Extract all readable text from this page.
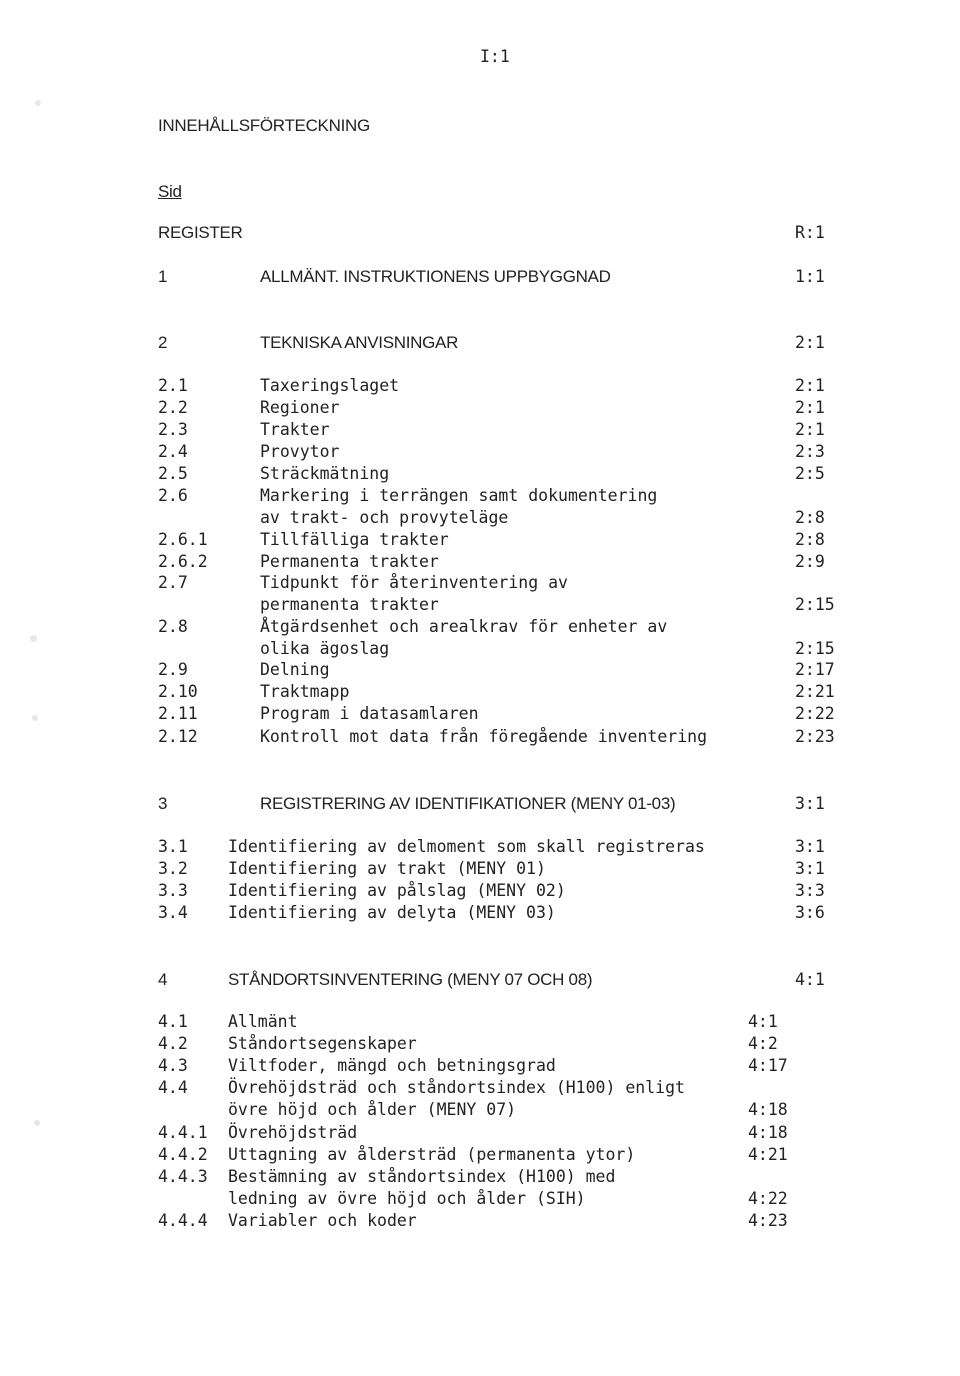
I:1
INNEHÅLLSFÖRTECKNING
Sid
REGISTER	R:1
1	ALLMÄNT. INSTRUKTIONENS UPPBYGGNAD	1:1
2	TEKNISKA ANVISNINGAR	2:1
2.1	Taxeringslaget	2:1
2.2	Regioner	2:1
2.3	Trakter	2:1
2.4	Provytor	2:3
2.5	Sträckmätning	2:5
2.6	Markering i terrängen samt dokumentering
av trakt- och provyteläge	2:8
2.6.1	Tillfälliga trakter	2:8
2.6.2	Permanenta trakter	2:9
2.7	Tidpunkt för återinventering av
permanenta trakter	2:15
2.8	Åtgärdsenhet och arealkrav för enheter av
olika ägoslag	2:15
2.9	Delning	2:17
2.10	Traktmapp	2:21
2.11	Program i datasamlaren	2:22
2.12	Kontroll mot data från föregående inventering	2:23
3	REGISTRERING AV IDENTIFIKATIONER (MENY 01-03)	3:1
3.1 Identifiering av delmoment som skall registreras	3:1
3.2 Identifiering av trakt (MENY 01)	3:1
3.3 Identifiering av pålslag (MENY 02)	3:3
3.4 Identifiering av delyta (MENY 03)	3:6
4	STÅNDORTSINVENTERING (MENY 07 OCH 08)	4:1
4.1 Allmänt	4:1
4.2 Ståndortsegenskaper	4:2
4.3 Viltfoder, mängd och betningsgrad	4:17
4.4 Övrehöjdsträd och ståndortsindex (H100) enligt
övre höjd och ålder (MENY 07)	4:18
4.4.1 Övrehöjdsträd	4:18
4.4.2 Uttagning av åldersträd (permanenta ytor)	4:21
4.4.3 Bestämning av ståndortsindex (H100) med
ledning av övre höjd och ålder (SIH)	4:22
4.4.4 Variabler och koder	4:23
